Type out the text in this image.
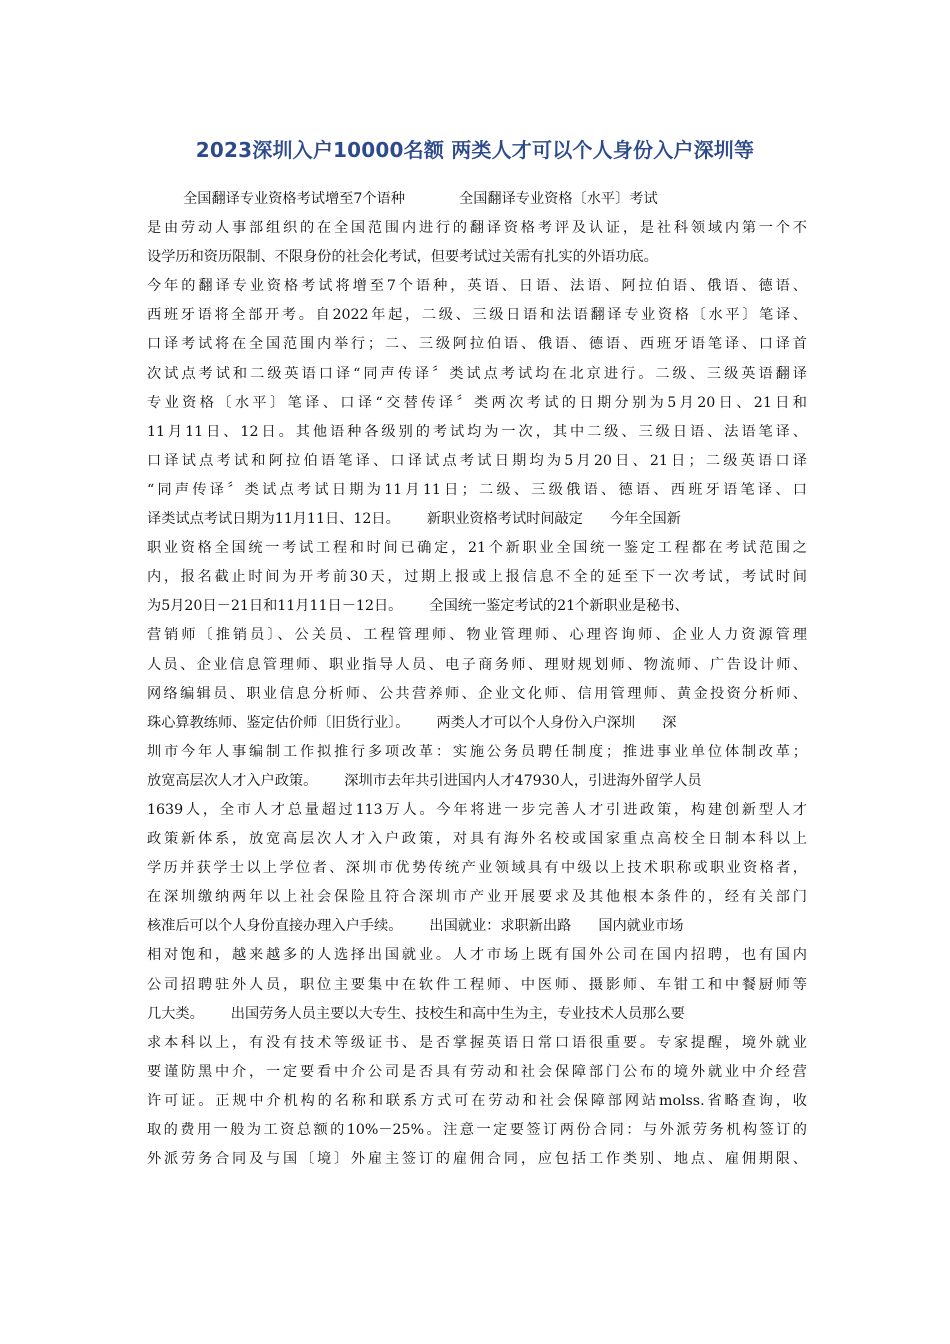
2023深圳入户10000名额 两类人才可以个人身份入户深圳等
全国翻译专业资格考试增至7个语种            全国翻译专业资格〔水平〕考试
是由劳动人事部组织的在全国范围内进行的翻译资格考评及认证，是社科领域内第一个不
设学历和资历限制、不限身份的社会化考试，但要考试过关需有扎实的外语功底。
今年的翻译专业资格考试将增至7个语种，英语、日语、法语、阿拉伯语、俄语、德语、
西班牙语将全部开考。自2022年起，二级、三级日语和法语翻译专业资格〔水平〕笔译、
口译考试将在全国范围内举行；二、三级阿拉伯语、俄语、德语、西班牙语笔译、口译首
次试点考试和二级英语口译“同声传译〞类试点考试均在北京进行。二级、三级英语翻译
专业资格〔水平〕笔译、口译“交替传译〞类两次考试的日期分别为5月20日、21日和
11月11日、12日。其他语种各级别的考试均为一次，其中二级、三级日语、法语笔译、
口译试点考试和阿拉伯语笔译、口译试点考试日期均为5月20日、21日；二级英语口译
“同声传译〞类试点考试日期为11月11日；二级、三级俄语、德语、西班牙语笔译、口
译类试点考试日期为11月11日、12日。      新职业资格考试时间敲定      今年全国新
职业资格全国统一考试工程和时间已确定，21个新职业全国统一鉴定工程都在考试范围之
内，报名截止时间为开考前30天，过期上报或上报信息不全的延至下一次考试，考试时间
为5月20日－21日和11月11日－12日。      全国统一鉴定考试的21个新职业是秘书、
营销师〔推销员〕、公关员、工程管理师、物业管理师、心理咨询师、企业人力资源管理
人员、企业信息管理师、职业指导人员、电子商务师、理财规划师、物流师、广告设计师、
网络编辑员、职业信息分析师、公共营养师、企业文化师、信用管理师、黄金投资分析师、
珠心算教练师、鉴定估价师〔旧货行业〕。      两类人才可以个人身份入户深圳      深
圳市今年人事编制工作拟推行多项改革：实施公务员聘任制度；推进事业单位体制改革；
放宽高层次人才入户政策。      深圳市去年共引进国内人才47930人，引进海外留学人员
1639人，全市人才总量超过113万人。今年将进一步完善人才引进政策，构建创新型人才
政策新体系，放宽高层次人才入户政策，对具有海外名校或国家重点高校全日制本科以上
学历并获学士以上学位者、深圳市优势传统产业领域具有中级以上技术职称或职业资格者，
在深圳缴纳两年以上社会保险且符合深圳市产业开展要求及其他根本条件的，经有关部门
核准后可以个人身份直接办理入户手续。      出国就业：求职新出路      国内就业市场
相对饱和，越来越多的人选择出国就业。人才市场上既有国外公司在国内招聘，也有国内
公司招聘驻外人员，职位主要集中在软件工程师、中医师、摄影师、车钳工和中餐厨师等
几大类。      出国劳务人员主要以大专生、技校生和高中生为主，专业技术人员那么要
求本科以上，有没有技术等级证书、是否掌握英语日常口语很重要。专家提醒，境外就业
要谨防黑中介，一定要看中介公司是否具有劳动和社会保障部门公布的境外就业中介经营
许可证。正规中介机构的名称和联系方式可在劳动和社会保障部网站molss.省略查询，收
取的费用一般为工资总额的10%－25%。注意一定要签订两份合同：与外派劳务机构签订的
外派劳务合同及与国〔境〕外雇主签订的雇佣合同，应包括工作类别、地点、雇佣期限、
